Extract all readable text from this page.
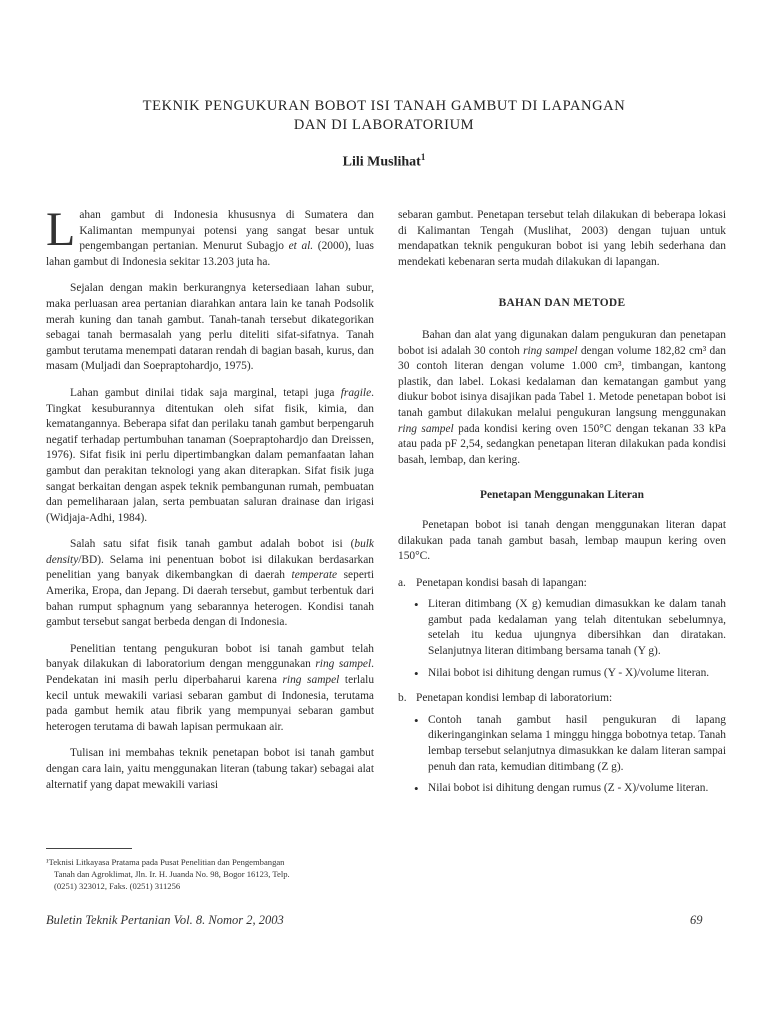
TEKNIK PENGUKURAN BOBOT ISI TANAH GAMBUT DI LAPANGAN
DAN DI LABORATORIUM
Lili Muslihat$^1$

Lahan gambut di Indonesia khususnya di Sumatera dan Kalimantan mempunyai potensi yang sangat besar untuk pengembangan pertanian. Menurut Subagjo et al. (2000), luas lahan gambut di Indonesia sekitar 13.203 juta ha.

Sejalan dengan makin berkurangnya ketersediaan lahan subur, maka perluasan area pertanian diarahkan antara lain ke tanah Podsolik merah kuning dan tanah gambut. Tanah-tanah tersebut dikategorikan sebagai tanah bermasalah yang perlu diteliti sifat-sifatnya. Tanah gambut terutama menempati dataran rendah di bagian basah, kurus, dan masam (Muljadi dan Soepraptohardjo, 1975).

Lahan gambut dinilai tidak saja marginal, tetapi juga fragile. Tingkat kesuburannya ditentukan oleh sifat fisik, kimia, dan kematangannya. Beberapa sifat dan perilaku tanah gambut berpengaruh negatif terhadap pertumbuhan tanaman (Soepraptohardjo dan Dreissen, 1976). Sifat fisik ini perlu dipertimbangkan dalam pemanfaatan lahan gambut dan perakitan teknologi yang akan diterapkan. Sifat fisik juga sangat berkaitan dengan aspek teknik pembangunan rumah, pembuatan dan pemeliharaan jalan, serta pembuatan saluran drainase dan irigasi (Widjaja-Adhi, 1984).

Salah satu sifat fisik tanah gambut adalah bobot isi (bulk density/BD). Selama ini penentuan bobot isi dilakukan berdasarkan penelitian yang banyak dikembangkan di daerah temperate seperti Amerika, Eropa, dan Jepang. Di daerah tersebut, gambut terbentuk dari bahan rumput sphagnum yang sebarannya heterogen. Kondisi tanah gambut tersebut sangat berbeda dengan di Indonesia.

Penelitian tentang pengukuran bobot isi tanah gambut telah banyak dilakukan di laboratorium dengan menggunakan ring sampel. Pendekatan ini masih perlu diperbaharui karena ring sampel terlalu kecil untuk mewakili variasi sebaran gambut di Indonesia, terutama pada gambut hemik atau fibrik yang mempunyai sebaran gambut heterogen terutama di bawah lapisan permukaan air.

Tulisan ini membahas teknik penetapan bobot isi tanah gambut dengan cara lain, yaitu menggunakan literan (tabung takar) sebagai alat alternatif yang dapat mewakili variasi

sebaran gambut. Penetapan tersebut telah dilakukan di beberapa lokasi di Kalimantan Tengah (Muslihat, 2003) dengan tujuan untuk mendapatkan teknik pengukuran bobot isi yang lebih sederhana dan mendekati kebenaran serta mudah dilakukan di lapangan.

BAHAN DAN METODE

Bahan dan alat yang digunakan dalam pengukuran dan penetapan bobot isi adalah 30 contoh ring sampel dengan volume 182,82 cm³ dan 30 contoh literan dengan volume 1.000 cm³, timbangan, kantong plastik, dan label. Lokasi kedalaman dan kematangan gambut yang diukur bobot isinya disajikan pada Tabel 1. Metode penetapan bobot isi tanah gambut dilakukan melalui pengukuran langsung menggunakan ring sampel pada kondisi kering oven 150°C dengan tekanan 33 kPa atau pada pF 2,54, sedangkan penetapan literan dilakukan pada kondisi basah, lembap, dan kering.

Penetapan Menggunakan Literan

Penetapan bobot isi tanah dengan menggunakan literan dapat dilakukan pada tanah gambut basah, lembap maupun kering oven 150°C.

a. Penetapan kondisi basah di lapangan:
• Literan ditimbang (X g) kemudian dimasukkan ke dalam tanah gambut pada kedalaman yang telah ditentukan sebelumnya, setelah itu kedua ujungnya dibersihkan dan diratakan. Selanjutnya literan ditimbang bersama tanah (Y g).
• Nilai bobot isi dihitung dengan rumus (Y - X)/volume literan.
b. Penetapan kondisi lembap di laboratorium:
• Contoh tanah gambut hasil pengukuran di lapang dikeringanginkan selama 1 minggu hingga bobotnya tetap. Tanah lembap tersebut selanjutnya dimasukkan ke dalam literan sampai penuh dan rata, kemudian ditimbang (Z g).
• Nilai bobot isi dihitung dengan rumus (Z - X)/volume literan.
¹Teknisi Litkayasa Pratama pada Pusat Penelitian dan Pengembangan
Tanah dan Agroklimat, Jln. Ir. H. Juanda No. 98, Bogor 16123, Telp.
(0251) 323012, Faks. (0251) 311256
Buletin Teknik Pertanian Vol. 8. Nomor 2, 2003	69
